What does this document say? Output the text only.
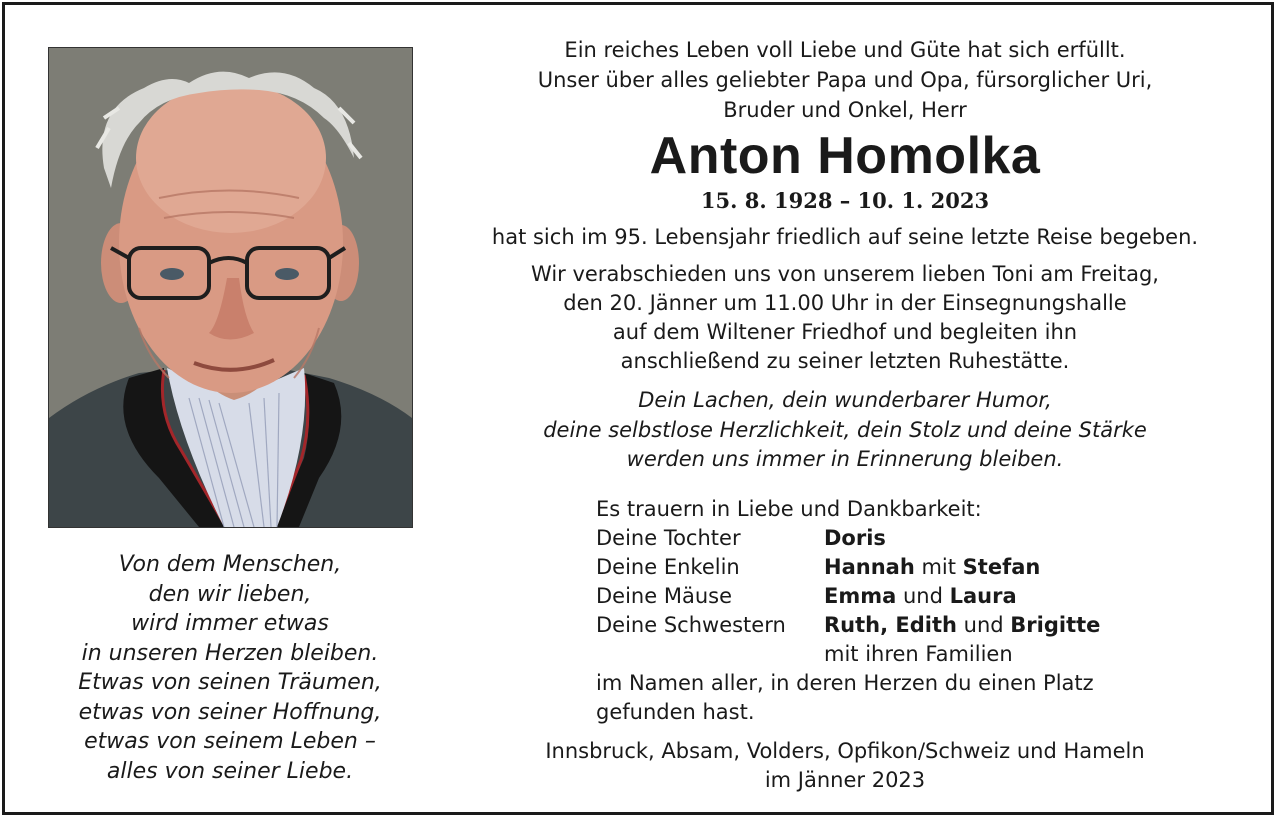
Von dem Menschen,
den wir lieben,
wird immer etwas
in unseren Herzen bleiben.
Etwas von seinen Träumen,
etwas von seiner Hoffnung,
etwas von seinem Leben –
alles von seiner Liebe.
Ein reiches Leben voll Liebe und Güte hat sich erfüllt.
Unser über alles geliebter Papa und Opa, fürsorglicher Uri,
Bruder und Onkel, Herr
Anton Homolka
15. 8. 1928 – 10. 1. 2023
hat sich im 95. Lebensjahr friedlich auf seine letzte Reise begeben.
Wir verabschieden uns von unserem lieben Toni am Freitag,
den 20. Jänner um 11.00 Uhr in der Einsegnungshalle
auf dem Wiltener Friedhof und begleiten ihn
anschließend zu seiner letzten Ruhestätte.
Dein Lachen, dein wunderbarer Humor,
deine selbstlose Herzlichkeit, dein Stolz und deine Stärke
werden uns immer in Erinnerung bleiben.
Es trauern in Liebe und Dankbarkeit:
Deine Tochter	Doris
Deine Enkelin	Hannah mit Stefan
Deine Mäuse	Emma und Laura
Deine Schwestern	Ruth, Edith und Brigitte
mit ihren Familien
im Namen aller, in deren Herzen du einen Platz
gefunden hast.
Innsbruck, Absam, Volders, Opfikon/Schweiz und Hameln
im Jänner 2023
